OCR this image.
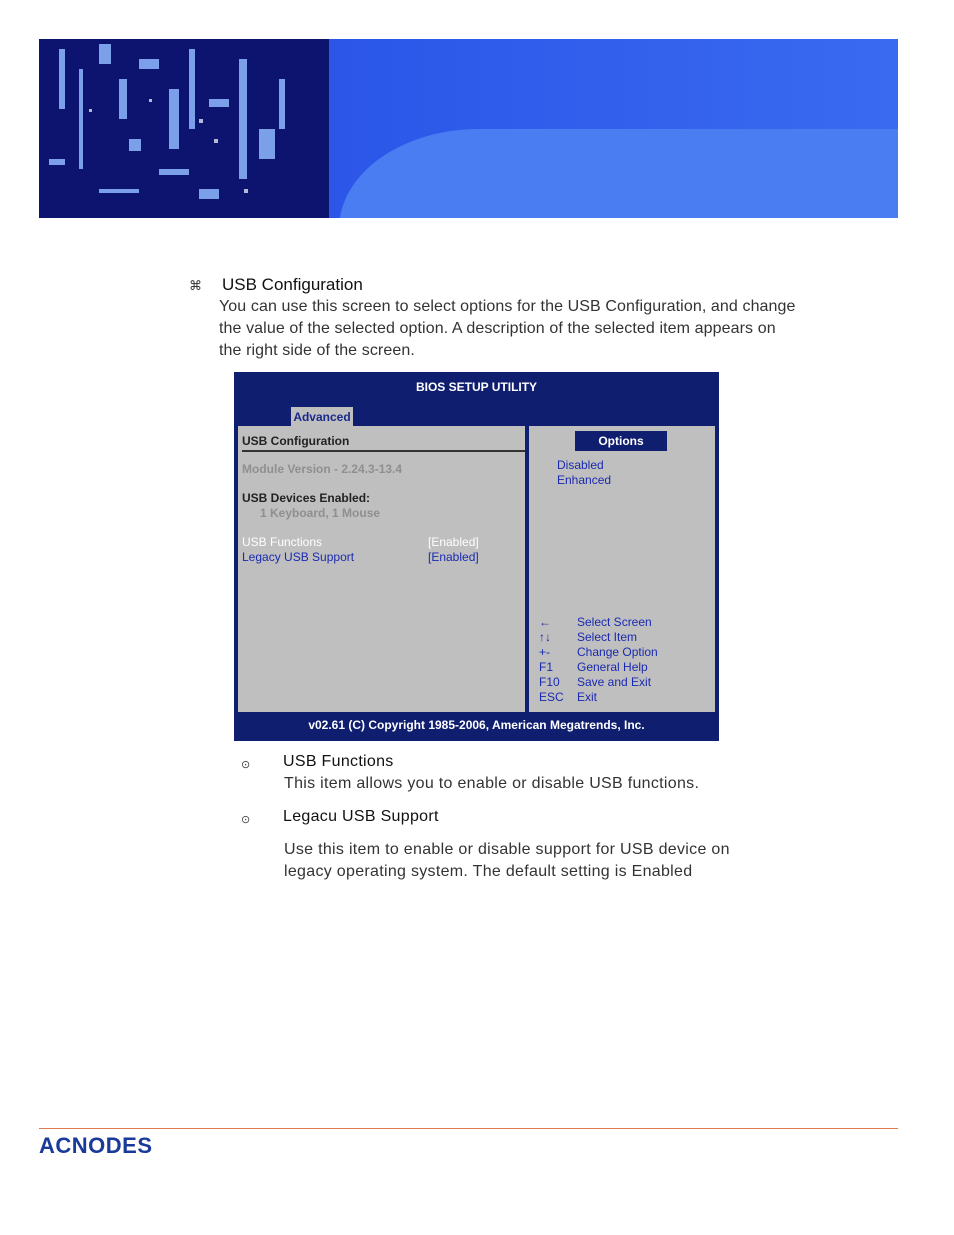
⌘ USB Configuration
You can use this screen to select options for the USB Configuration, and change the value of the selected option. A description of the selected item appears on the right side of the screen.
BIOS SETUP UTILITY
Advanced
USB Configuration
Module Version - 2.24.3-13.4
USB Devices Enabled:
1 Keyboard, 1 Mouse
USB Functions	[Enabled]
Legacy USB Support	[Enabled]
Options
Disabled
Enhanced
← Select Screen
↑↓ Select Item
+- Change Option
F1 General Help
F10 Save and Exit
ESC Exit
v02.61 (C) Copyright 1985-2006, American Megatrends, Inc.
⊙ USB Functions
This item allows you to enable or disable USB functions.
⊙ Legacu USB Support
Use this item to enable or disable support for USB device on legacy operating system. The default setting is Enabled
ACNODES
